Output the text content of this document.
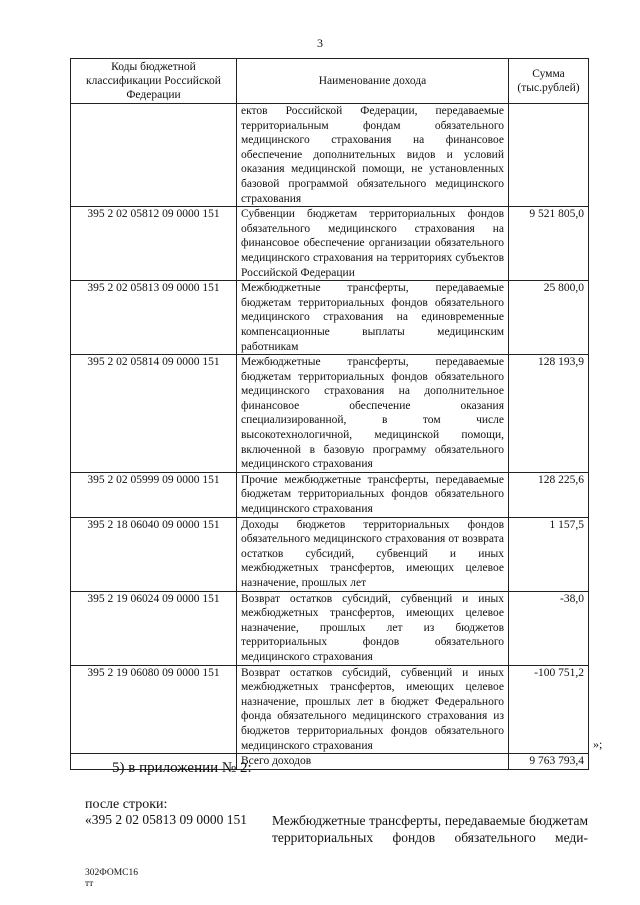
3
Коды бюджетной классификации Российской Федерации	Наименование дохода	Сумма (тыс.рублей)
	ектов Российской Федерации, передаваемые территориальным фондам обязательного медицинского страхования на финансовое обеспечение дополнительных видов и условий оказания медицинской помощи, не установленных базовой программой обязательного медицинского страхования	
395 2 02 05812 09 0000 151	Субвенции бюджетам территориальных фондов обязательного медицинского страхования на финансовое обеспечение организации обязательного медицинского страхования на территориях субъектов Российской Федерации	9 521 805,0
395 2 02 05813 09 0000 151	Межбюджетные трансферты, передаваемые бюджетам территориальных фондов обязательного медицинского страхования на единовременные компенсационные выплаты медицинским работникам	25 800,0
395 2 02 05814 09 0000 151	Межбюджетные трансферты, передаваемые бюджетам территориальных фондов обязательного медицинского страхования на дополнительное финансовое обеспечение оказания специализированной, в том числе высокотехнологичной, медицинской помощи, включенной в базовую программу обязательного медицинского страхования	128 193,9
395 2 02 05999 09 0000 151	Прочие межбюджетные трансферты, передаваемые бюджетам территориальных фондов обязательного медицинского страхования	128 225,6
395 2 18 06040 09 0000 151	Доходы бюджетов территориальных фондов обязательного медицинского страхования от возврата остатков субсидий, субвенций и иных межбюджетных трансфертов, имеющих целевое назначение, прошлых лет	1 157,5
395 2 19 06024 09 0000 151	Возврат остатков субсидий, субвенций и иных межбюджетных трансфертов, имеющих целевое назначение, прошлых лет из бюджетов территориальных фондов обязательного медицинского страхования	-38,0
395 2 19 06080 09 0000 151	Возврат остатков субсидий, субвенций и иных межбюджетных трансфертов, имеющих целевое назначение, прошлых лет в бюджет Федерального фонда обязательного медицинского страхования из бюджетов территориальных фондов обязательного медицинского страхования	-100 751,2
	Всего доходов	9 763 793,4
»;
5) в приложении № 2:
после строки:
«395 2 02 05813 09 0000 151 Межбюджетные трансферты, передаваемые бюджетам территориальных фондов обязательного меди-
302ФОМС16
тт
